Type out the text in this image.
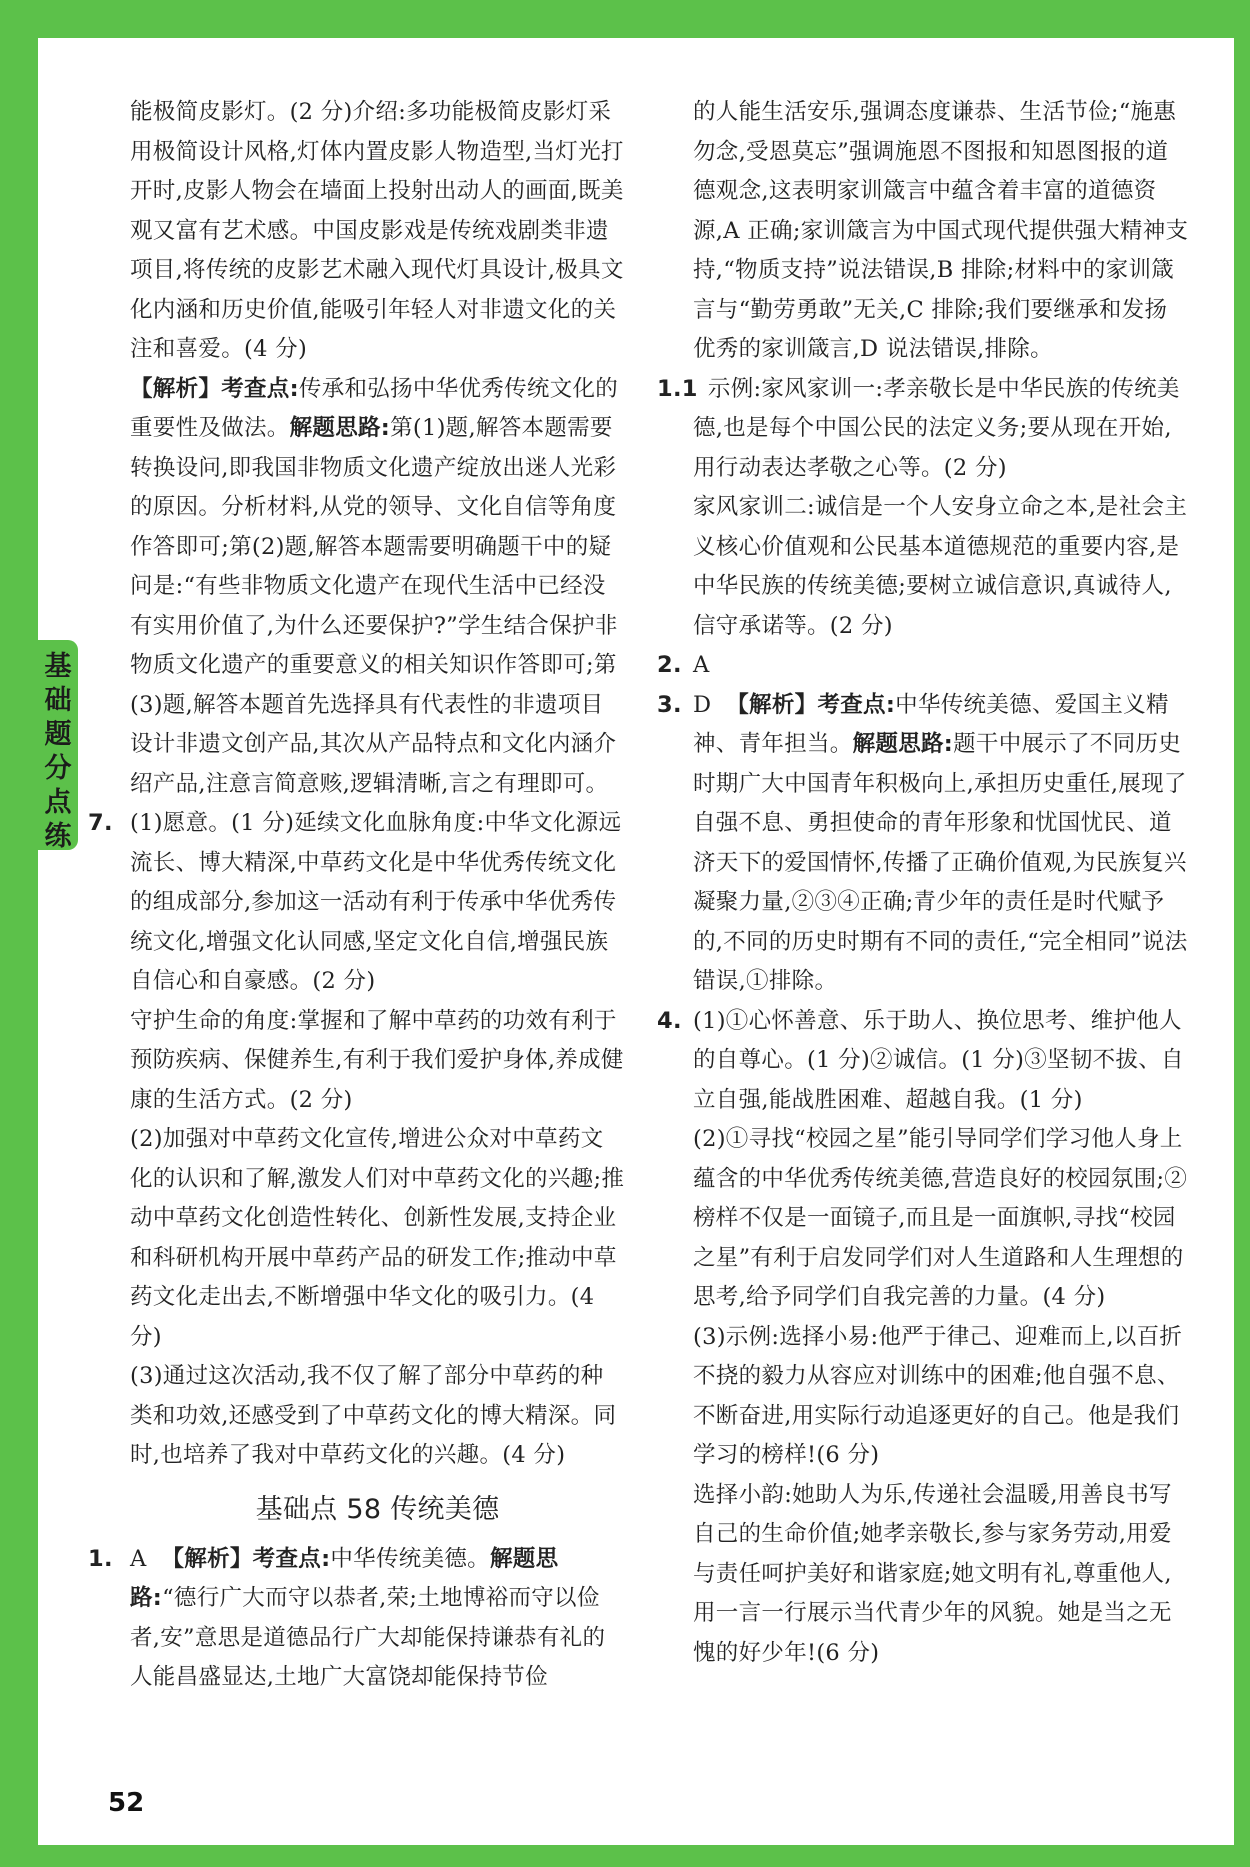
基础题分点练

能极简皮影灯。(2 分)介绍:多功能极简皮影灯采用极简设计风格,灯体内置皮影人物造型,当灯光打开时,皮影人物会在墙面上投射出动人的画面,既美观又富有艺术感。中国皮影戏是传统戏剧类非遗项目,将传统的皮影艺术融入现代灯具设计,极具文化内涵和历史价值,能吸引年轻人对非遗文化的关注和喜爱。(4 分)

【解析】考查点:传承和弘扬中华优秀传统文化的重要性及做法。解题思路:第(1)题,解答本题需要转换设问,即我国非物质文化遗产绽放出迷人光彩的原因。分析材料,从党的领导、文化自信等角度作答即可;第(2)题,解答本题需要明确题干中的疑问是:“有些非物质文化遗产在现代生活中已经没有实用价值了,为什么还要保护?”学生结合保护非物质文化遗产的重要意义的相关知识作答即可;第(3)题,解答本题首先选择具有代表性的非遗项目设计非遗文创产品,其次从产品特点和文化内涵介绍产品,注意言简意赅,逻辑清晰,言之有理即可。

7. (1)愿意。(1 分)延续文化血脉角度:中华文化源远流长、博大精深,中草药文化是中华优秀传统文化的组成部分,参加这一活动有利于传承中华优秀传统文化,增强文化认同感,坚定文化自信,增强民族自信心和自豪感。(2 分)

守护生命的角度:掌握和了解中草药的功效有利于预防疾病、保健养生,有利于我们爱护身体,养成健康的生活方式。(2 分)

(2)加强对中草药文化宣传,增进公众对中草药文化的认识和了解,激发人们对中草药文化的兴趣;推动中草药文化创造性转化、创新性发展,支持企业和科研机构开展中草药产品的研发工作;推动中草药文化走出去,不断增强中华文化的吸引力。(4 分)

(3)通过这次活动,我不仅了解了部分中草药的种类和功效,还感受到了中草药文化的博大精深。同时,也培养了我对中草药文化的兴趣。(4 分)

基础点 58 传统美德
1. A 【解析】考查点:中华传统美德。解题思路:“德行广大而守以恭者,荣;土地博裕而守以俭者,安”意思是道德品行广大却能保持谦恭有礼的人能昌盛显达,土地广大富饶却能保持节俭

的人能生活安乐,强调态度谦恭、生活节俭;“施惠勿念,受恩莫忘”强调施恩不图报和知恩图报的道德观念,这表明家训箴言中蕴含着丰富的道德资源,A 正确;家训箴言为中国式现代提供强大精神支持,“物质支持”说法错误,B 排除;材料中的家训箴言与“勤劳勇敢”无关,C 排除;我们要继承和发扬优秀的家训箴言,D 说法错误,排除。

1.1 示例:家风家训一:孝亲敬长是中华民族的传统美德,也是每个中国公民的法定义务;要从现在开始,用行动表达孝敬之心等。(2 分)

家风家训二:诚信是一个人安身立命之本,是社会主义核心价值观和公民基本道德规范的重要内容,是中华民族的传统美德;要树立诚信意识,真诚待人,信守承诺等。(2 分)

2. A

3. D 【解析】考查点:中华传统美德、爱国主义精神、青年担当。解题思路:题干中展示了不同历史时期广大中国青年积极向上,承担历史重任,展现了自强不息、勇担使命的青年形象和忧国忧民、道济天下的爱国情怀,传播了正确价值观,为民族复兴凝聚力量,②③④正确;青少年的责任是时代赋予的,不同的历史时期有不同的责任,“完全相同”说法错误,①排除。

4. (1)①心怀善意、乐于助人、换位思考、维护他人的自尊心。(1 分)②诚信。(1 分)③坚韧不拔、自立自强,能战胜困难、超越自我。(1 分)

(2)①寻找“校园之星”能引导同学们学习他人身上蕴含的中华优秀传统美德,营造良好的校园氛围;②榜样不仅是一面镜子,而且是一面旗帜,寻找“校园之星”有利于启发同学们对人生道路和人生理想的思考,给予同学们自我完善的力量。(4 分)

(3)示例:选择小易:他严于律己、迎难而上,以百折不挠的毅力从容应对训练中的困难;他自强不息、不断奋进,用实际行动追逐更好的自己。他是我们学习的榜样!(6 分)

选择小韵:她助人为乐,传递社会温暖,用善良书写自己的生命价值;她孝亲敬长,参与家务劳动,用爱与责任呵护美好和谐家庭;她文明有礼,尊重他人,用一言一行展示当代青少年的风貌。她是当之无愧的好少年!(6 分)

52
